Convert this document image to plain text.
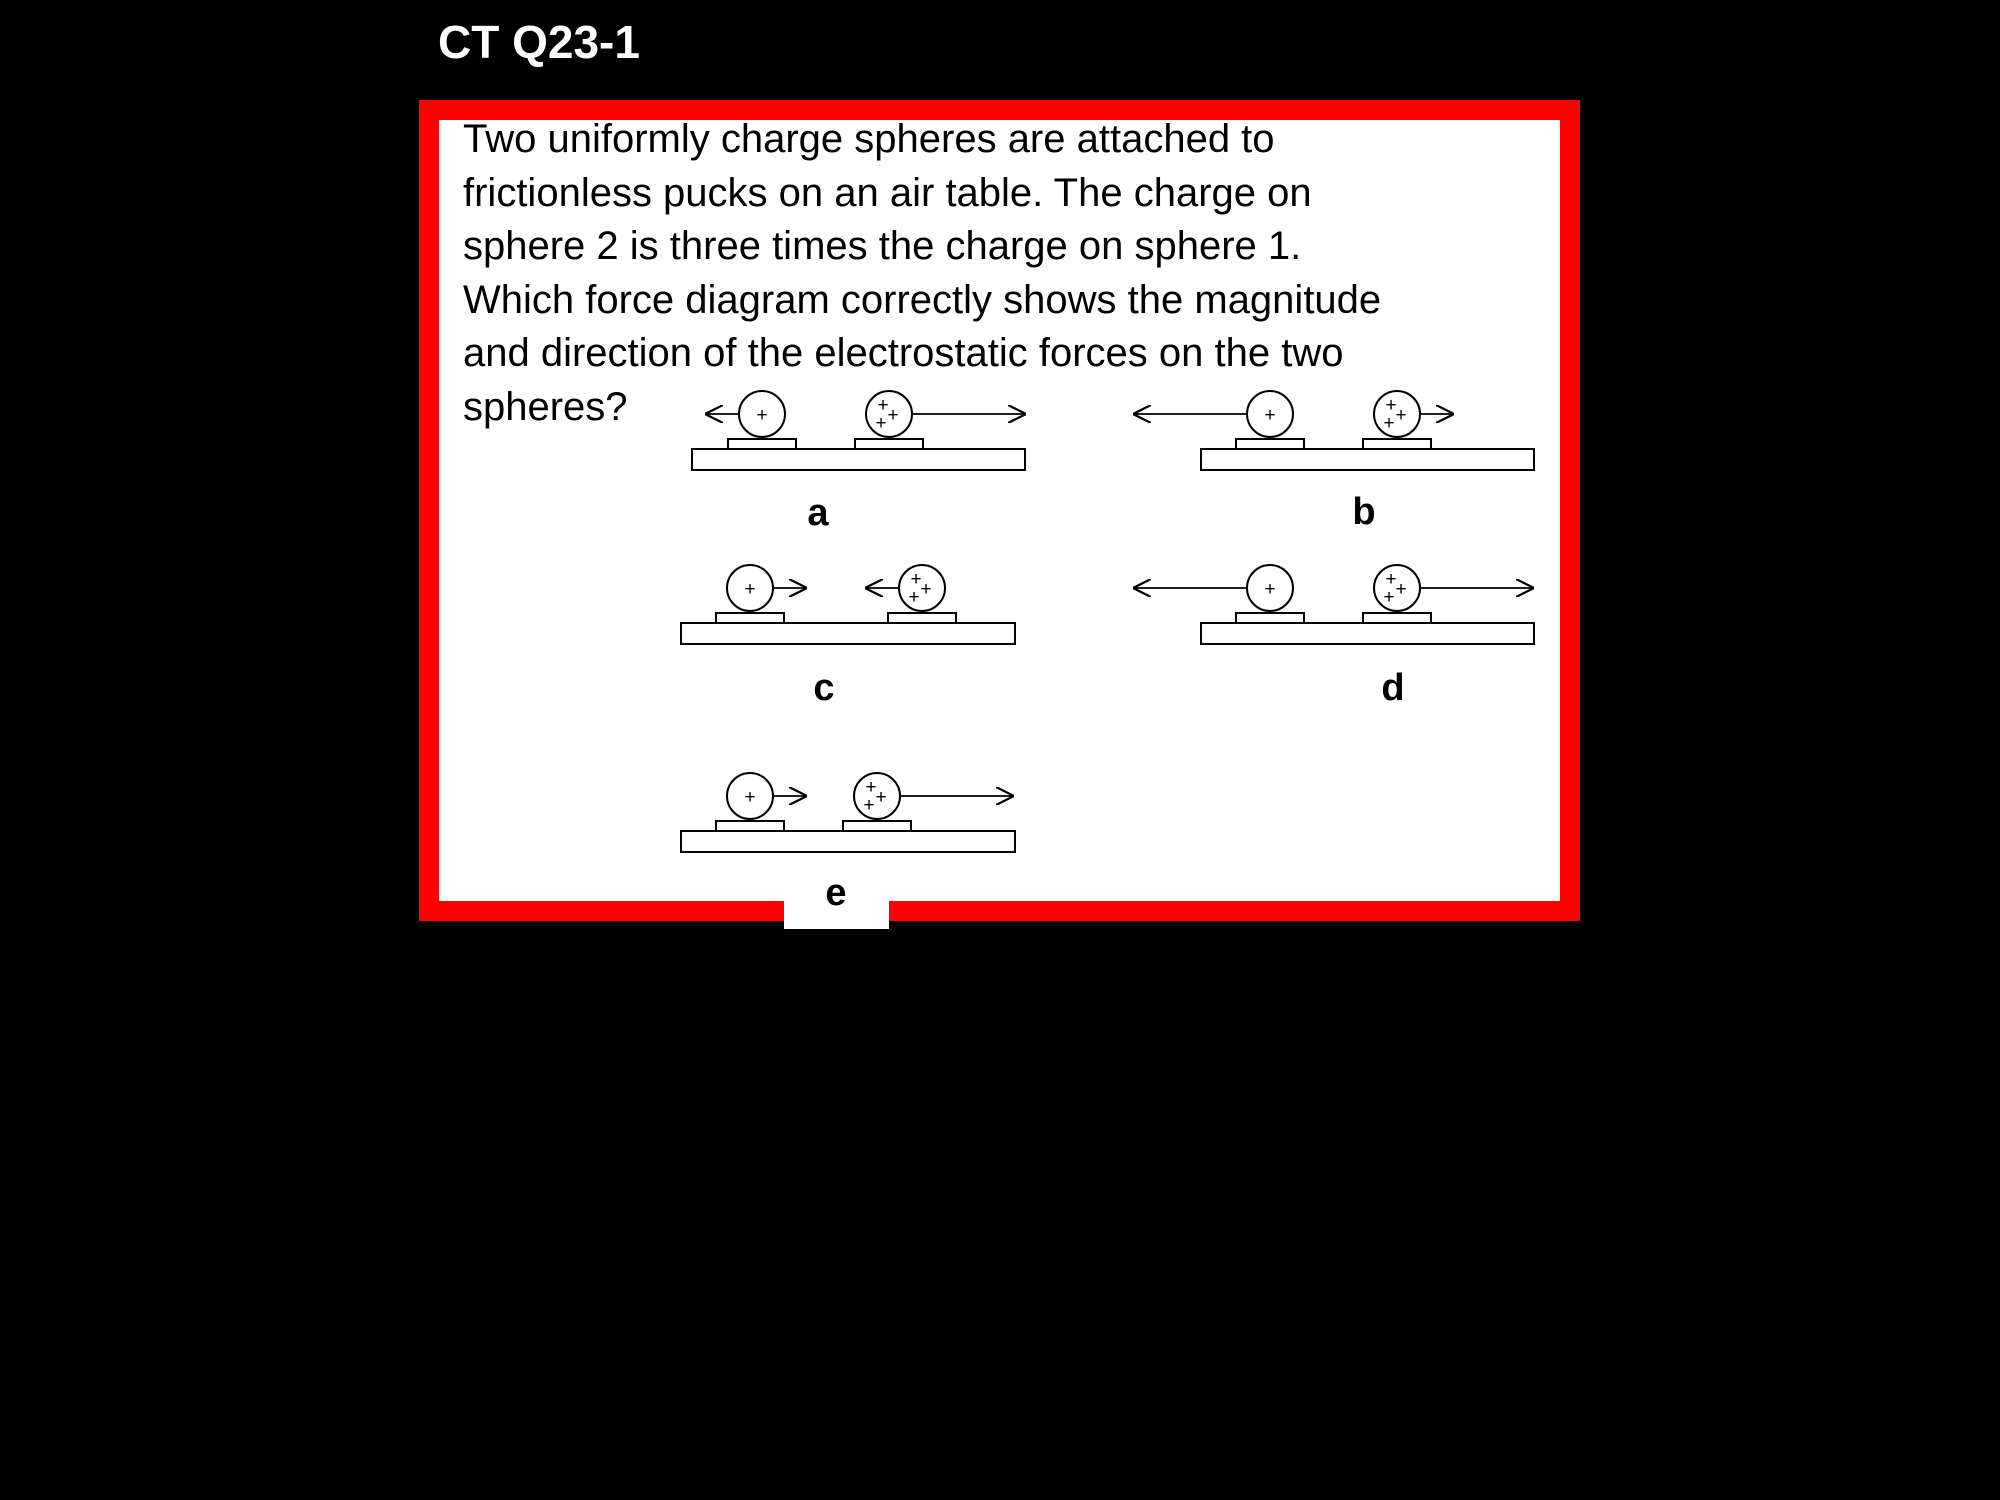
CT Q23-1
Two uniformly charge spheres are attached to
frictionless pucks on an air table. The charge on
sphere 2 is three times the charge on sphere 1.
Which force diagram correctly shows the magnitude
and direction of the electrostatic forces on the two
spheres?	+	+
+
+
a
+	+
+
+
b
+	+
+
+
c
+	+
+
+
d
+	+
+
+
e
